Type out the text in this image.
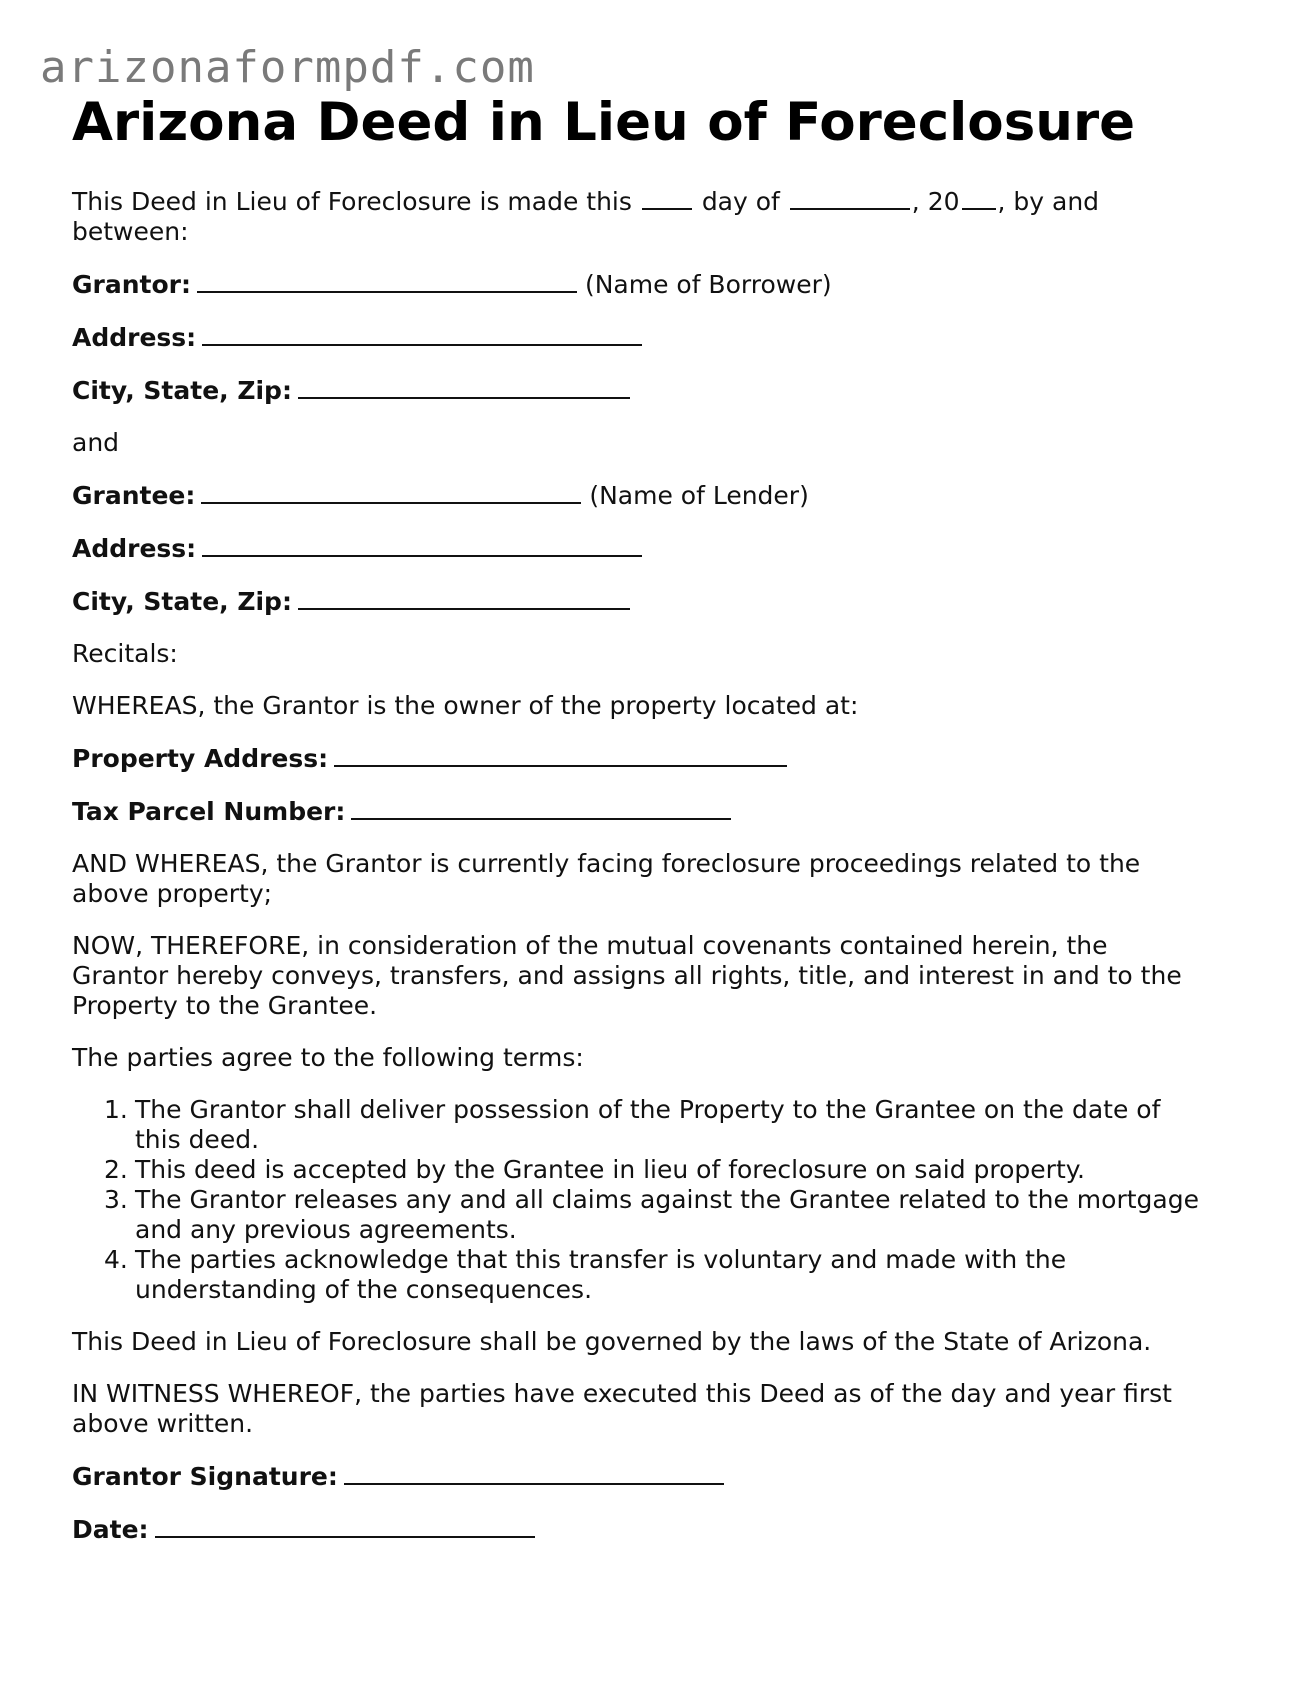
arizonaformpdf.com
Arizona Deed in Lieu of Foreclosure

This Deed in Lieu of Foreclosure is made this	day of	, 20 , by and

between:

Grantor:	(Name of Borrower)

Address:

City, State, Zip:

and

Grantee:	(Name of Lender)

Address:

City, State, Zip:

Recitals:

WHEREAS, the Grantor is the owner of the property located at:

Property Address:

Tax Parcel Number:

AND WHEREAS, the Grantor is currently facing foreclosure proceedings related to the

above property;

NOW, THEREFORE, in consideration of the mutual covenants contained herein, the

Grantor hereby conveys, transfers, and assigns all rights, title, and interest in and to the

Property to the Grantee.

The parties agree to the following terms:

1. The Grantor shall deliver possession of the Property to the Grantee on the date of
this deed.
2. This deed is accepted by the Grantee in lieu of foreclosure on said property.
3. The Grantor releases any and all claims against the Grantee related to the mortgage
and any previous agreements.
4. The parties acknowledge that this transfer is voluntary and made with the
understanding of the consequences.

This Deed in Lieu of Foreclosure shall be governed by the laws of the State of Arizona.

IN WITNESS WHEREOF, the parties have executed this Deed as of the day and year first

above written.

Grantor Signature:

Date:
